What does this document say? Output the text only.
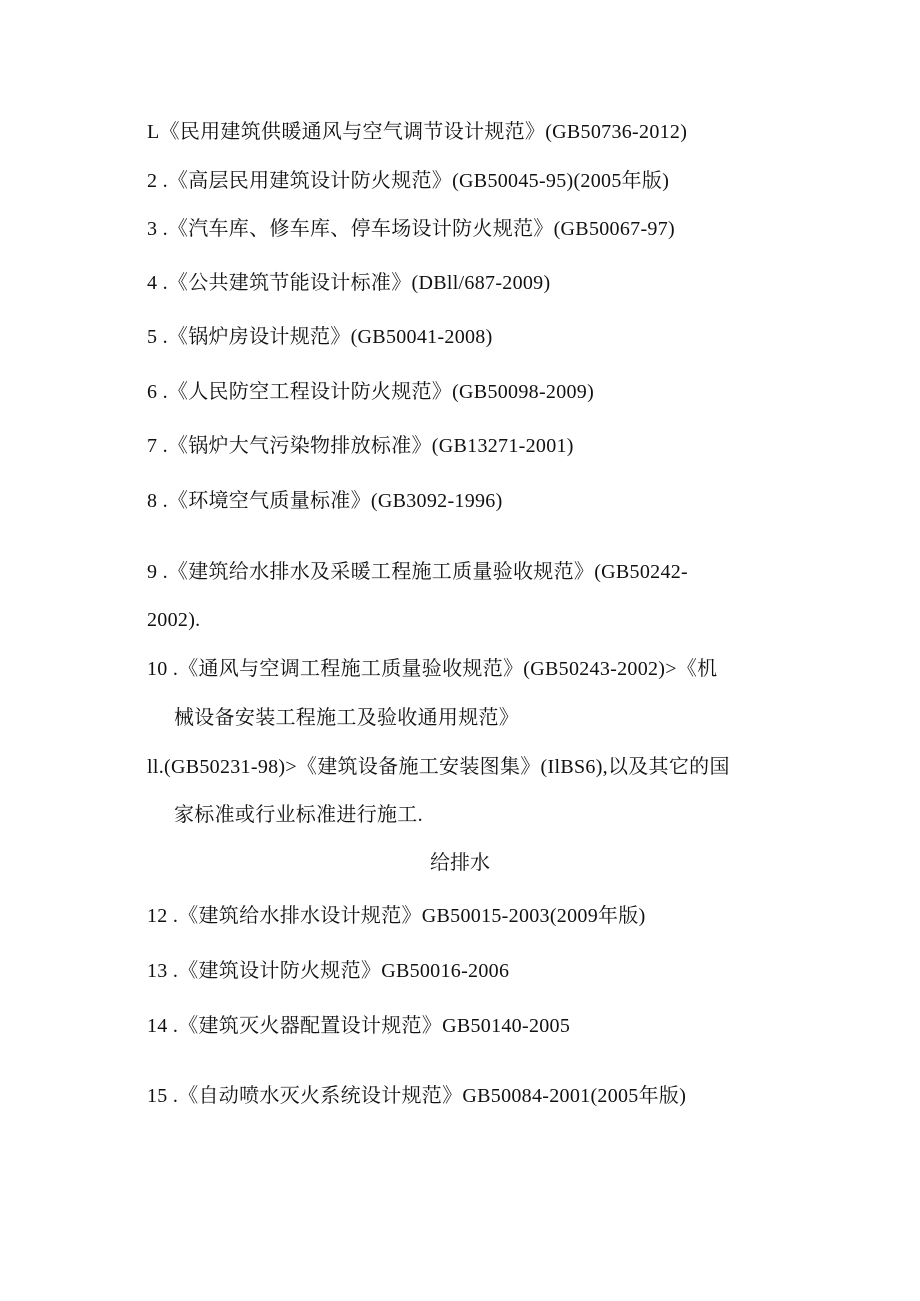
L《民用建筑供暖通风与空气调节设计规范》(GB50736-2012)
2 .《高层民用建筑设计防火规范》(GB50045-95)(2005年版)
3 .《汽车库、修车库、停车场设计防火规范》(GB50067-97)
4 .《公共建筑节能设计标准》(DBll/687-2009)
5 .《锅炉房设计规范》(GB50041-2008)
6 .《人民防空工程设计防火规范》(GB50098-2009)
7 .《锅炉大气污染物排放标准》(GB13271-2001)
8 .《环境空气质量标准》(GB3092-1996)
9 .《建筑给水排水及采暖工程施工质量验收规范》(GB50242-
2002).
10 .《通风与空调工程施工质量验收规范》(GB50243-2002)>《机
械设备安装工程施工及验收通用规范》
ll.(GB50231-98)>《建筑设备施工安装图集》(IlBS6),以及其它的国
家标准或行业标准进行施工.
给排水
12 .《建筑给水排水设计规范》GB50015-2003(2009年版)
13 .《建筑设计防火规范》GB50016-2006
14 .《建筑灭火器配置设计规范》GB50140-2005
15 .《自动喷水灭火系统设计规范》GB50084-2001(2005年版)
